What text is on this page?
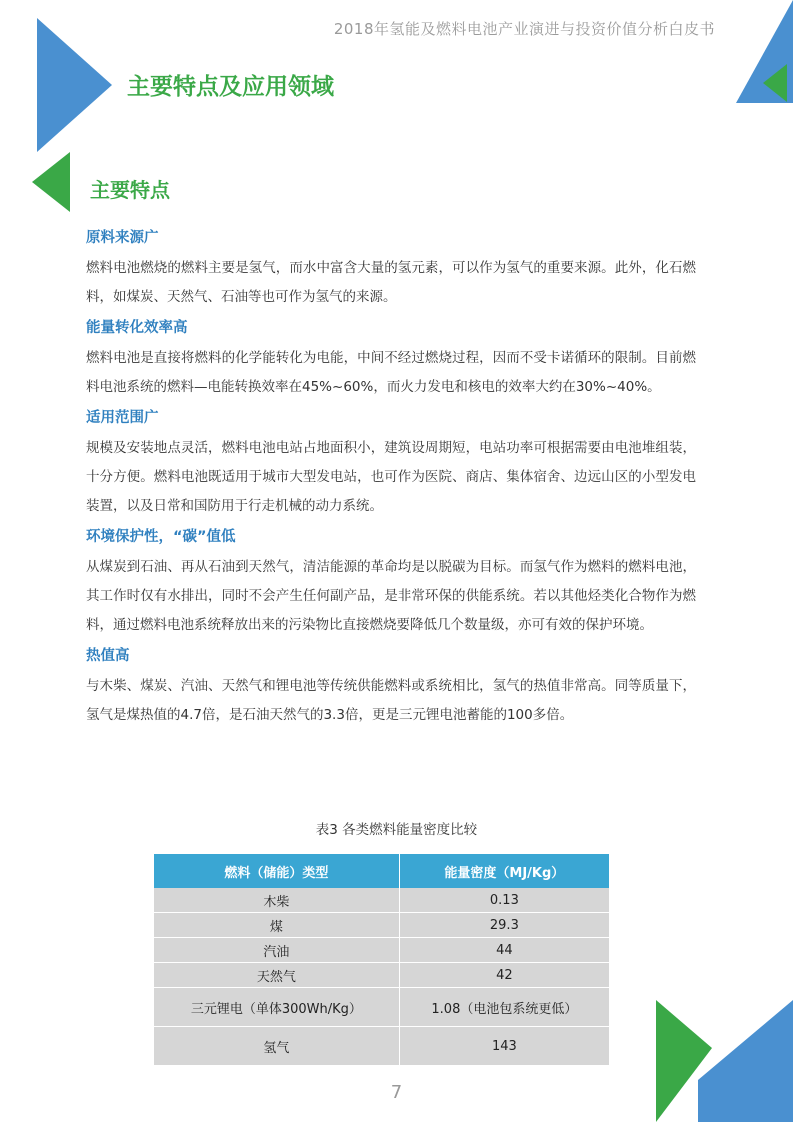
2018年氢能及燃料电池产业演进与投资价值分析白皮书
主要特点及应用领域
主要特点
原料来源广
燃料电池燃烧的燃料主要是氢气，而水中富含大量的氢元素，可以作为氢气的重要来源。此外，化石燃料，如煤炭、天然气、石油等也可作为氢气的来源。
能量转化效率高
燃料电池是直接将燃料的化学能转化为电能，中间不经过燃烧过程，因而不受卡诺循环的限制。目前燃料电池系统的燃料—电能转换效率在45%~60%，而火力发电和核电的效率大约在30%~40%。
适用范围广
规模及安装地点灵活，燃料电池电站占地面积小，建筑设周期短，电站功率可根据需要由电池堆组装，十分方便。燃料电池既适用于城市大型发电站，也可作为医院、商店、集体宿舍、边远山区的小型发电装置，以及日常和国防用于行走机械的动力系统。
环境保护性，“碳”值低
从煤炭到石油、再从石油到天然气，清洁能源的革命均是以脱碳为目标。而氢气作为燃料的燃料电池，其工作时仅有水排出，同时不会产生任何副产品，是非常环保的供能系统。若以其他烃类化合物作为燃料，通过燃料电池系统释放出来的污染物比直接燃烧要降低几个数量级，亦可有效的保护环境。
热值高
与木柴、煤炭、汽油、天然气和锂电池等传统供能燃料或系统相比，氢气的热值非常高。同等质量下，氢气是煤热值的4.7倍，是石油天然气的3.3倍，更是三元锂电池蓄能的100多倍。
表3 各类燃料能量密度比较
燃料（储能）类型	能量密度（MJ/Kg）
木柴	0.13
煤	29.3
汽油	44
天然气	42
三元锂电（单体300Wh/Kg）	1.08（电池包系统更低）
氢气	143
7
